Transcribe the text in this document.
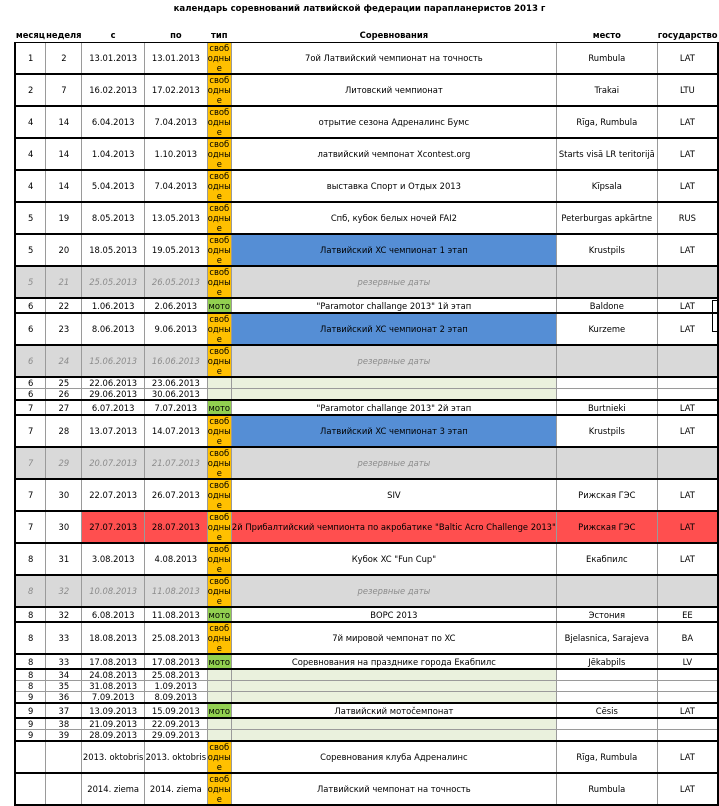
календарь соревнований латвийской федерации парапланеристов 2013 г
месяц	неделя	с	по	тип	Соревнования	место	государство
1	2	13.01.2013	13.01.2013	свободные	7ой Латвийский чемпионат на точность	Rumbula	LAT
2	7	16.02.2013	17.02.2013	свободные	Литовский чемпионат	Trakai	LTU
4	14	6.04.2013	7.04.2013	свободные	отрытие сезона Адреналинс Бумс	Rīga, Rumbula	LAT
4	14	1.04.2013	1.10.2013	свободные	латвийский чемпонат Xcontest.org	Starts visā LR teritorijā	LAT
4	14	5.04.2013	7.04.2013	свободные	выставка Спорт и Отдых 2013	Kīpsala	LAT
5	19	8.05.2013	13.05.2013	свободные	Спб, кубок белых ночей FAI2	Peterburgas apkārtne	RUS
5	20	18.05.2013	19.05.2013	свободные	Латвийский XC чемпионат 1 этап	Krustpils	LAT
5	21	25.05.2013	26.05.2013	свободные	резервные даты		
6	22	1.06.2013	2.06.2013	мото	"Paramotor challange 2013" 1й этап	Baldone	LAT
6	23	8.06.2013	9.06.2013	свободные	Латвийский XC чемпионат 2 этап	Kurzeme	LAT
6	24	15.06.2013	16.06.2013	свободные	резервные даты		
6	25	22.06.2013	23.06.2013				
6	26	29.06.2013	30.06.2013				
7	27	6.07.2013	7.07.2013	мото	"Paramotor challange 2013" 2й этап	Burtnieki	LAT
7	28	13.07.2013	14.07.2013	свободные	Латвийский XC чемпионат 3 этап	Krustpils	LAT
7	29	20.07.2013	21.07.2013	свободные	резервные даты		
7	30	22.07.2013	26.07.2013	свободные	SIV	Рижская ГЭС	LAT
7	30	27.07.2013	28.07.2013	свободные	2й Прибалтийский чемпионта по акробатике "Baltic Acro Challenge 2013"	Рижская ГЭС	LAT
8	31	3.08.2013	4.08.2013	свободные	Кубок XC "Fun Cup"	Екабпилс	LAT
8	32	10.08.2013	11.08.2013	свободные	резервные даты		
8	32	6.08.2013	11.08.2013	мото	ВОРС 2013	Эстония	EE
8	33	18.08.2013	25.08.2013	свободные	7й мировой чемпонат по XC	Bjelasnica, Sarajeva	BA
8	33	17.08.2013	17.08.2013	мото	Соревнования на празднике города Екабпилс	Jēkabpils	LV
8	34	24.08.2013	25.08.2013				
8	35	31.08.2013	1.09.2013				
9	36	7.09.2013	8.09.2013				
9	37	13.09.2013	15.09.2013	мото	Латвийский мотočемпонат	Cēsis	LAT
9	38	21.09.2013	22.09.2013				
9	39	28.09.2013	29.09.2013				
		2013. oktobris	2013. oktobris	свободные	Соревнования клуба Адреналинс	Rīga, Rumbula	LAT
		2014. ziema	2014. ziema	свободные	Латвийский чемпонат на точность	Rumbula	LAT
